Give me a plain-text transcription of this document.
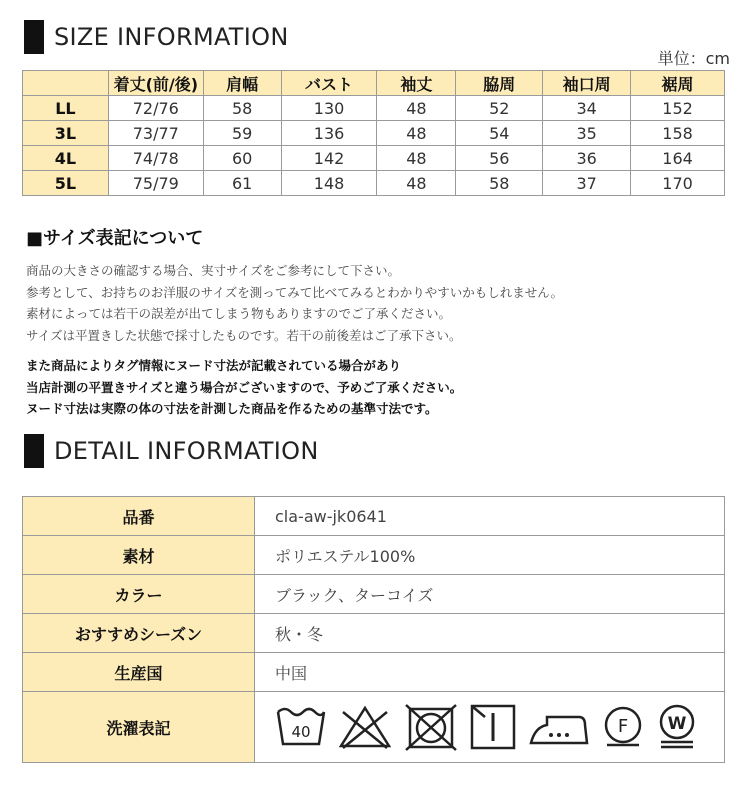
SIZE INFORMATION
単位：cm
	着丈(前/後)	肩幅	バスト	袖丈	脇周	袖口周	裾周
LL	72/76	58	130	48	52	34	152
3L	73/77	59	136	48	54	35	158
4L	74/78	60	142	48	56	36	164
5L	75/79	61	148	48	58	37	170
■サイズ表記について
商品の大きさの確認する場合、実寸サイズをご参考にして下さい。
参考として、お持ちのお洋服のサイズを測ってみて比べてみるとわかりやすいかもしれません。
素材によっては若干の誤差が出てしまう物もありますのでご了承ください。
サイズは平置きした状態で採寸したものです。若干の前後差はご了承下さい。
また商品によりタグ情報にヌード寸法が記載されている場合があり
当店計測の平置きサイズと違う場合がございますので、予めご了承ください。
ヌード寸法は実際の体の寸法を計測した商品を作るための基準寸法です。
DETAIL INFORMATION
品番	cla-aw-jk0641
素材	ポリエステル100%
カラー	ブラック、ターコイズ
おすすめシーズン	秋・冬
生産国	中国
洗濯表記	40 F W
